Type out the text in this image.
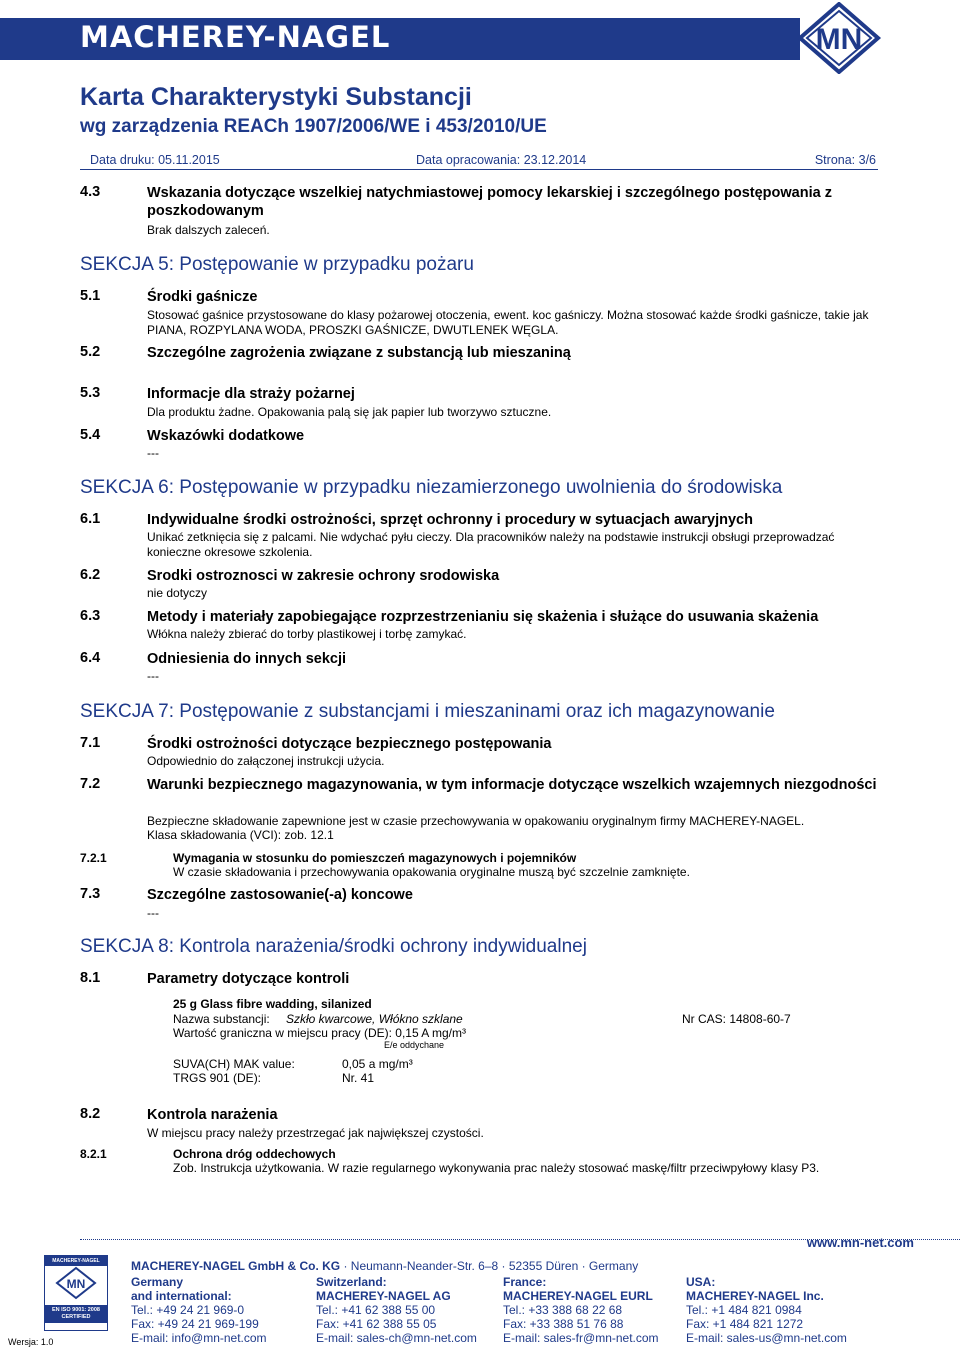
MACHEREY-NAGEL	MN
Karta Charakterystyki Substancji
wg zarządzenia REACh 1907/2006/WE i 453/2010/UE
Data druku: 05.11.2015	Data opracowania: 23.12.2014	Strona: 3/6
4.3	Wskazania dotyczące wszelkiej natychmiastowej pomocy lekarskiej i szczególnego postępowania z poszkodowanym
Brak dalszych zaleceń.
SEKCJA 5: Postępowanie w przypadku pożaru
5.1	Środki gaśnicze
Stosować gaśnice przystosowane do klasy pożarowej otoczenia, ewent. koc gaśniczy. Można stosować każde środki gaśnicze, takie jak PIANA, ROZPYLANA WODA, PROSZKI GAŚNICZE, DWUTLENEK WĘGLA.
5.2	Szczególne zagrożenia związane z substancją lub mieszaniną
5.3	Informacje dla straży pożarnej
Dla produktu żadne. Opakowania palą się jak papier lub tworzywo sztuczne.
5.4	Wskazówki dodatkowe
---
SEKCJA 6: Postępowanie w przypadku niezamierzonego uwolnienia do środowiska
6.1	Indywidualne środki ostrożności, sprzęt ochronny i procedury w sytuacjach awaryjnych
Unikać zetknięcia się z palcami. Nie wdychać pyłu cieczy. Dla pracowników należy na podstawie instrukcji obsługi przeprowadzać konieczne okresowe szkolenia.
6.2	Srodki ostroznosci w zakresie ochrony srodowiska
nie dotyczy
6.3	Metody i materiały zapobiegające rozprzestrzenianiu się skażenia i służące do usuwania skażenia
Włókna należy zbierać do torby plastikowej i torbę zamykać.
6.4	Odniesienia do innych sekcji
---
SEKCJA 7: Postępowanie z substancjami i mieszaninami oraz ich magazynowanie
7.1	Środki ostrożności dotyczące bezpiecznego postępowania
Odpowiednio do załączonej instrukcji użycia.
7.2	Warunki bezpiecznego magazynowania, w tym informacje dotyczące wszelkich wzajemnych niezgodności
Bezpieczne składowanie zapewnione jest w czasie przechowywania w opakowaniu oryginalnym firmy MACHEREY-NAGEL.
Klasa składowania (VCI): zob. 12.1
7.2.1	Wymagania w stosunku do pomieszczeń magazynowych i pojemników
W czasie składowania i przechowywania opakowania oryginalne muszą być szczelnie zamknięte.
7.3	Szczególne zastosowanie(-a) koncowe
---
SEKCJA 8: Kontrola narażenia/środki ochrony indywidualnej
8.1	Parametry dotyczące kontroli
25 g Glass fibre wadding, silanized
Nazwa substancji: Szkło kwarcowe, Włókno szklane	Nr CAS: 14808-60-7
Wartość graniczna w miejscu pracy (DE): 0,15 A mg/m³
E/e oddychane
SUVA(CH) MAK value:	0,05 a mg/m³
TRGS 901 (DE):	Nr. 41
8.2	Kontrola narażenia
W miejscu pracy należy przestrzegać jak największej czystości.
8.2.1	Ochrona dróg oddechowych
Zob. Instrukcja użytkowania. W razie regularnego wykonywania prac należy stosować maskę/filtr przeciwpyłowy klasy P3.
www.mn-net.com
MACHEREY-NAGEL
MN
EN ISO 9001: 2008 CERTIFIED
MACHEREY-NAGEL GmbH & Co. KG · Neumann-Neander-Str. 6–8 · 52355 Düren · Germany
Germany
and international:
Tel.: +49 24 21 969-0
Fax: +49 24 21 969-199
E-mail: info@mn-net.com
Switzerland:
MACHEREY-NAGEL AG
Tel.: +41 62 388 55 00
Fax: +41 62 388 55 05
E-mail: sales-ch@mn-net.com
France:
MACHEREY-NAGEL EURL
Tel.: +33 388 68 22 68
Fax: +33 388 51 76 88
E-mail: sales-fr@mn-net.com
USA:
MACHEREY-NAGEL Inc.
Tel.: +1 484 821 0984
Fax: +1 484 821 1272
E-mail: sales-us@mn-net.com
Wersja: 1.0
